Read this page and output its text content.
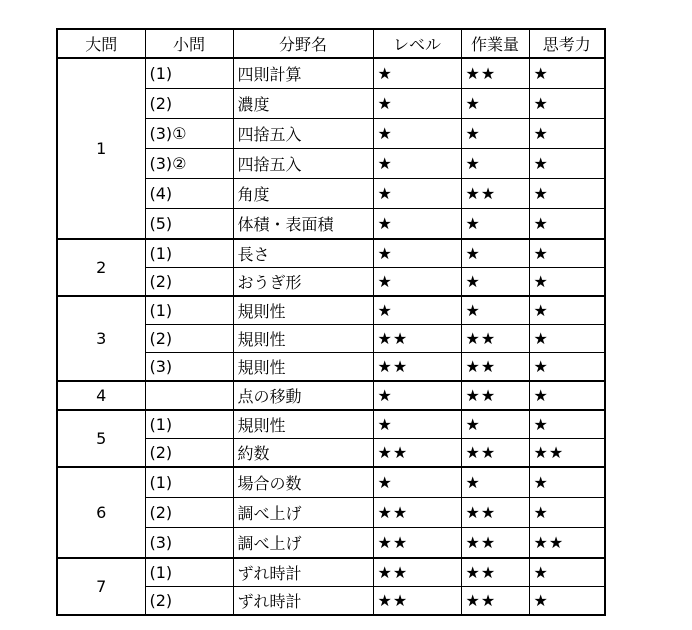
大問	小問	分野名	レベル	作業量	思考力
1	(1)	四則計算	★	★★	★
	(2)	濃度	★	★	★
	(3)①	四捨五入	★	★	★
	(3)②	四捨五入	★	★	★
	(4)	角度	★	★★	★
	(5)	体積・表面積	★	★	★
2	(1)	長さ	★	★	★
	(2)	おうぎ形	★	★	★
3	(1)	規則性	★	★	★
	(2)	規則性	★★	★★	★
	(3)	規則性	★★	★★	★
4		点の移動	★	★★	★
5	(1)	規則性	★	★	★
	(2)	約数	★★	★★	★★
6	(1)	場合の数	★	★	★
	(2)	調べ上げ	★★	★★	★
	(3)	調べ上げ	★★	★★	★★
7	(1)	ずれ時計	★★	★★	★
	(2)	ずれ時計	★★	★★	★
